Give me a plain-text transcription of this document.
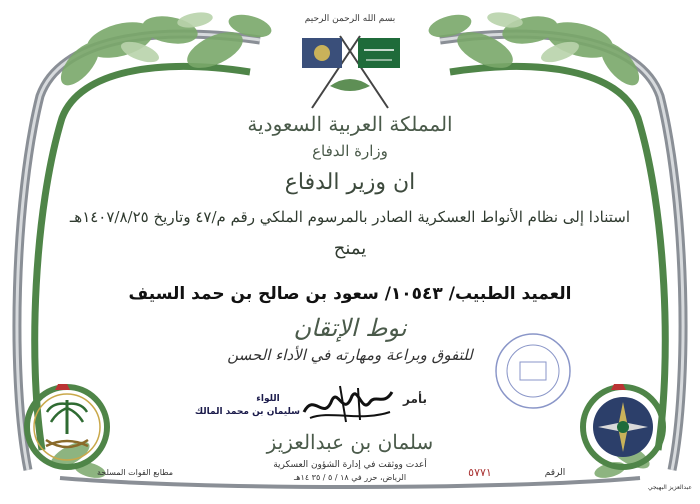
بسم الله الرحمن الرحيم
المملكة العربية السعودية
وزارة الدفاع
ان وزير الدفاع
استنادا إلى نظام الأنواط العسكرية الصادر بالمرسوم الملكي رقم م/٤٧ وتاريخ ١٤٠٧/٨/٢٥هـ
يمنح
العميد الطبيب/ ١٠٥٤٣/ سعود بن صالح بن حمد السيف
نوط الإتقان
للتفوق وبراعة ومهارته في الأداء الحسن
بأمر
اللواء
سليمان بن محمد المالك
سلمان بن عبدالعزيز
أعدت ووثقت في إدارة الشؤون العسكرية
الرياض، حرر في ١٨ / ٥ / ٣٥ ١٤هـ
مطابع القوات المسلحة	الرقم
٥٧٧١
عبدالعزيز البهيجي
